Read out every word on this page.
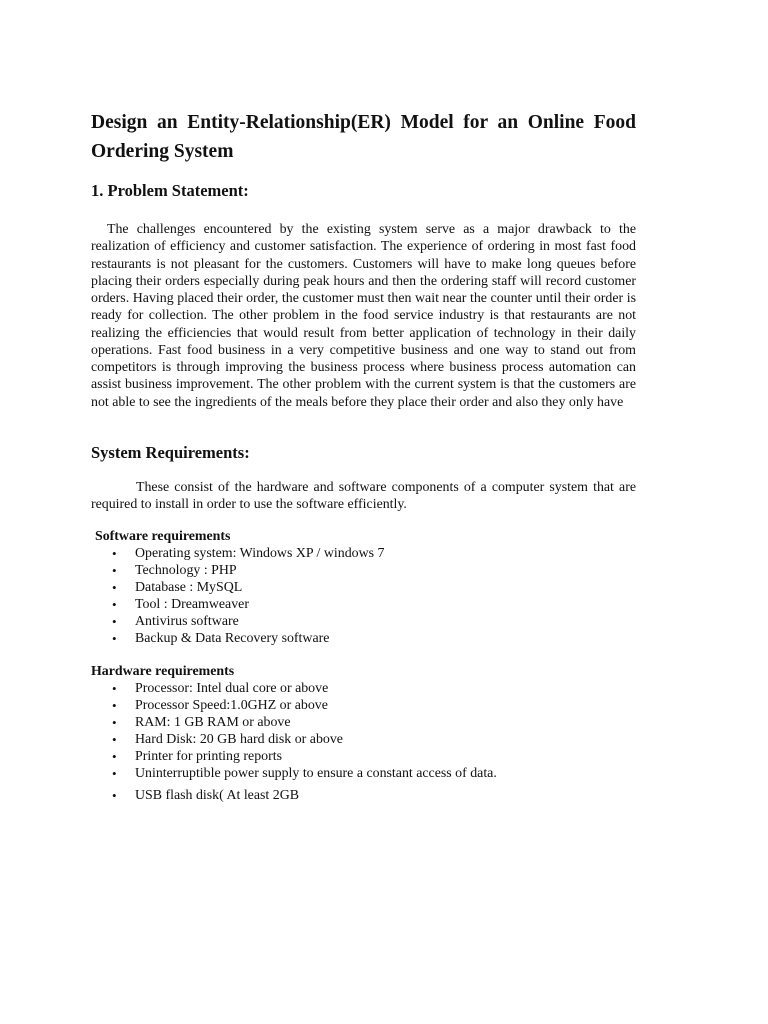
Design an Entity-Relationship(ER) Model for an Online Food Ordering System
1. Problem Statement:

The challenges encountered by the existing system serve as a major drawback to the realization of efficiency and customer satisfaction. The experience of ordering in most fast food restaurants is not pleasant for the customers. Customers will have to make long queues before placing their orders especially during peak hours and then the ordering staff will record customer orders. Having placed their order, the customer must then wait near the counter until their order is ready for collection. The other problem in the food service industry is that restaurants are not realizing the efficiencies that would result from better application of technology in their daily operations. Fast food business in a very competitive business and one way to stand out from competitors is through improving the business process where business process automation can assist business improvement. The other problem with the current system is that the customers are not able to see the ingredients of the meals before they place their order and also they only have

System Requirements:

These consist of the hardware and software components of a computer system that are required to install in order to use the software efficiently.

Software requirements
• Operating system: Windows XP / windows 7
• Technology : PHP
• Database : MySQL
• Tool : Dreamweaver
• Antivirus software
• Backup & Data Recovery software
Hardware requirements
• Processor: Intel dual core or above
• Processor Speed:1.0GHZ or above
• RAM: 1 GB RAM or above
• Hard Disk: 20 GB hard disk or above
• Printer for printing reports
• Uninterruptible power supply to ensure a constant access of data.
• USB flash disk( At least 2GB
